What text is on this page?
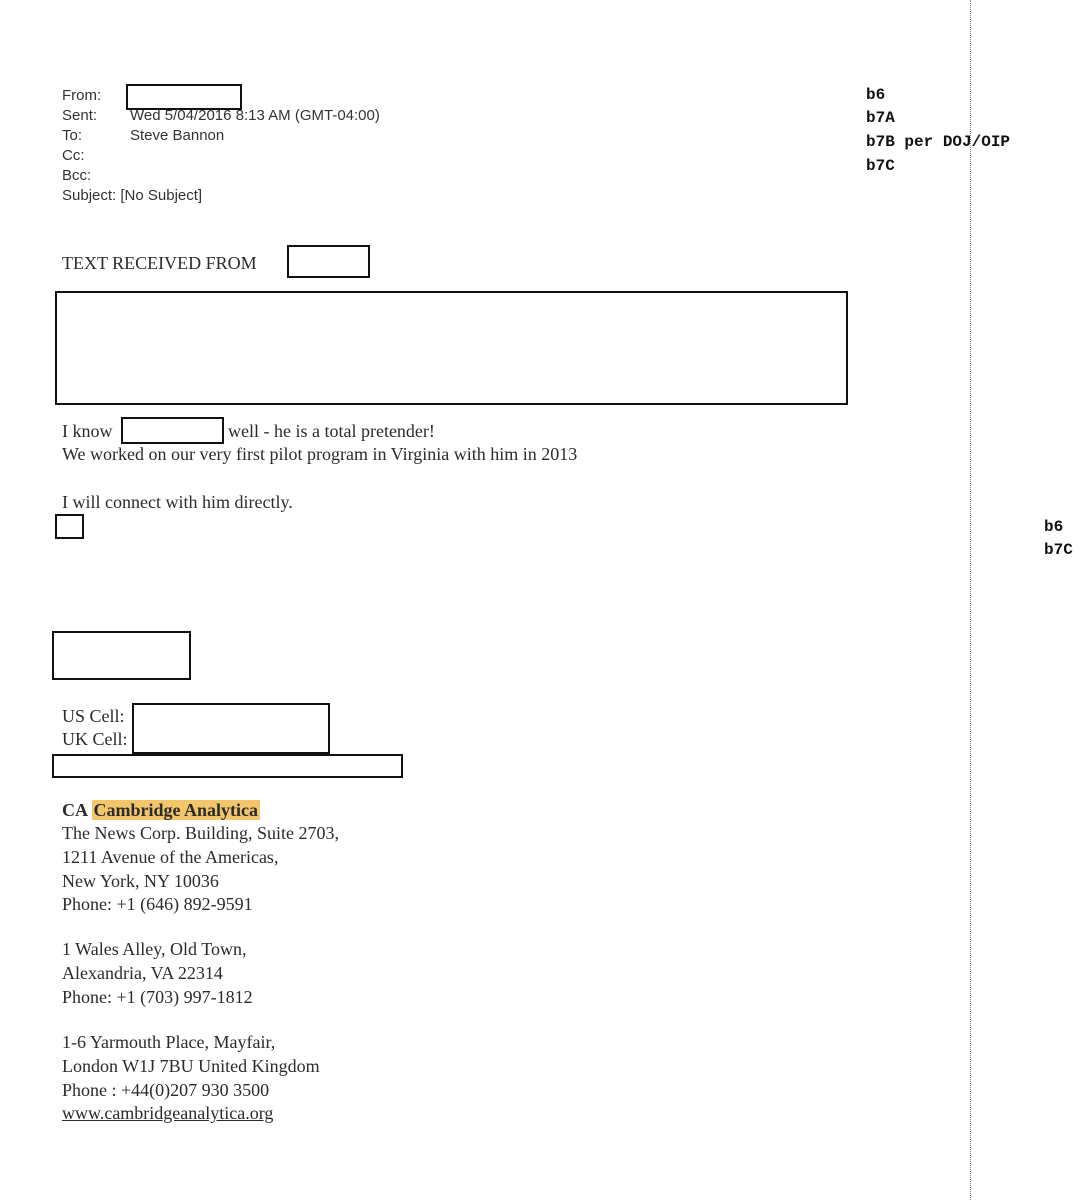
From:
Sent: Wed 5/04/2016 8:13 AM (GMT-04:00)
To:	Steve Bannon
Cc:
Bcc:
Subject: [No Subject]
b6
b7A
b7B per DOJ/OIP
b7C
b6
b7C
TEXT RECEIVED FROM
I know	well - he is a total pretender!
We worked on our very first pilot program in Virginia with him in 2013
I will connect with him directly.
US Cell:
UK Cell:
CA Cambridge Analytica
The News Corp. Building, Suite 2703,
1211 Avenue of the Americas,
New York, NY 10036
Phone: +1 (646) 892-9591
1 Wales Alley, Old Town,
Alexandria, VA 22314
Phone: +1 (703) 997-1812
1-6 Yarmouth Place, Mayfair,
London W1J 7BU United Kingdom
Phone : +44(0)207 930 3500
www.cambridgeanalytica.org
